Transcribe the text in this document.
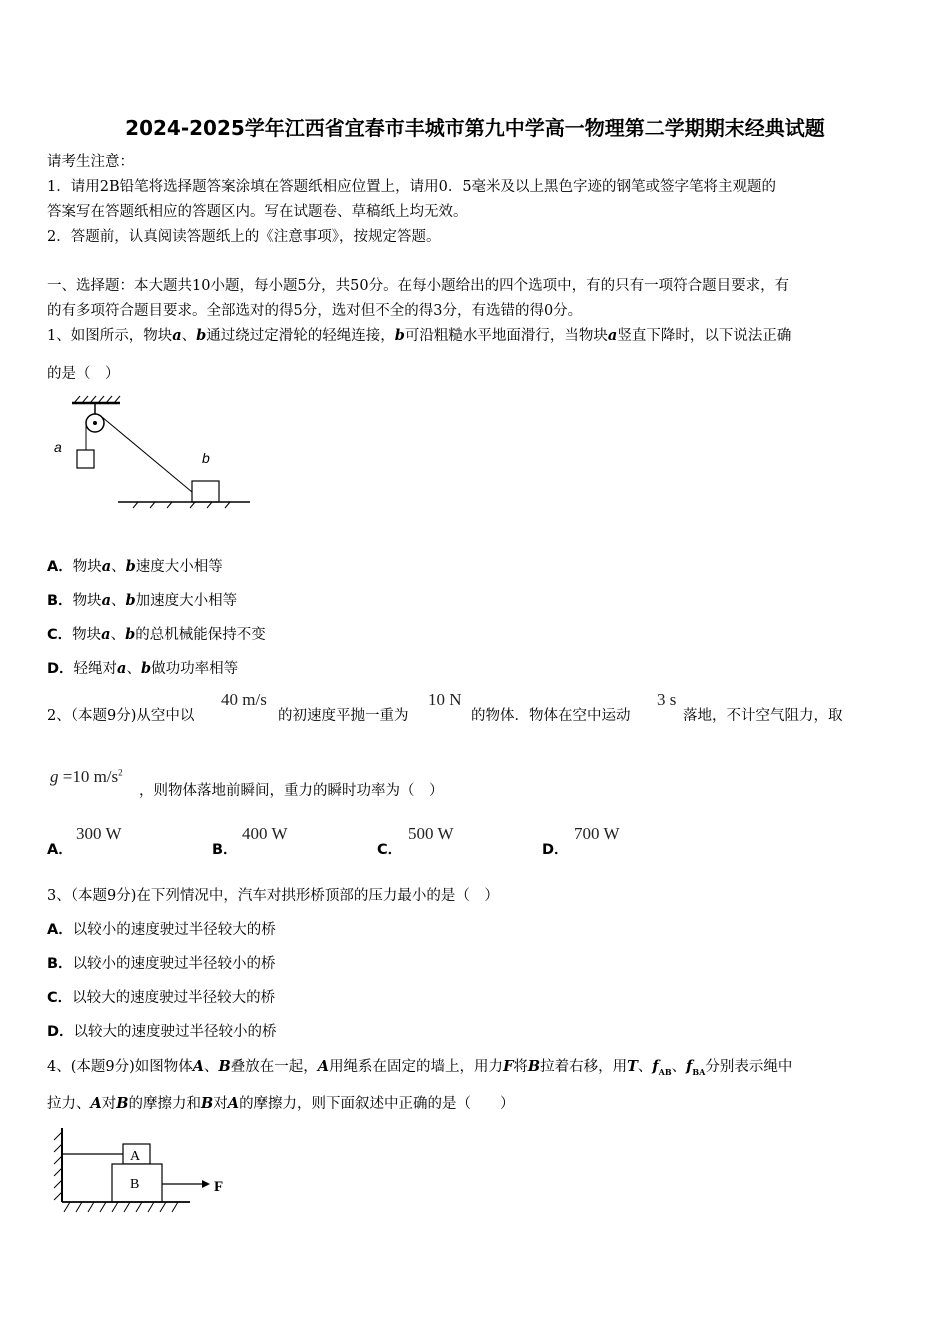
2024-2025学年江西省宜春市丰城市第九中学高一物理第二学期期末经典试题
请考生注意：
1．请用2B铅笔将选择题答案涂填在答题纸相应位置上，请用0．5毫米及以上黑色字迹的钢笔或签字笔将主观题的
答案写在答题纸相应的答题区内。写在试题卷、草稿纸上均无效。
2．答题前，认真阅读答题纸上的《注意事项》，按规定答题。
一、选择题：本大题共10小题，每小题5分，共50分。在每小题给出的四个选项中，有的只有一项符合题目要求，有
的有多项符合题目要求。全部选对的得5分，选对但不全的得3分，有选错的得0分。
1、如图所示，物块a、b通过绕过定滑轮的轻绳连接，b可沿粗糙水平地面滑行，当物块a竖直下降时，以下说法正确
的是（　）
a
b
A．物块a、b速度大小相等
B．物块a、b加速度大小相等
C．物块a、b的总机械能保持不变
D．轻绳对a、b做功功率相等
2、（本题9分)从空中以
40 m/s
的初速度平抛一重为
10 N
的物体．物体在空中运动
3 s
落地，不计空气阻力，取
g =10 $m/s^2$
，则物体落地前瞬间，重力的瞬时功率为（　）
A．
300 W
B．
400 W
C．
500 W
D．
700 W
3、（本题9分)在下列情况中，汽车对拱形桥顶部的压力最小的是（　）
A．以较小的速度驶过半径较大的桥
B．以较小的速度驶过半径较小的桥
C．以较大的速度驶过半径较大的桥
D．以较大的速度驶过半径较小的桥
4、(本题9分)如图物体A、B叠放在一起，A用绳系在固定的墙上，用力F将B拉着右移，用T、$f_{AB}$、$f_{BA}$分别表示绳中
拉力、A对B的摩擦力和B对A的摩擦力，则下面叙述中正确的是（　　）
A
B	F
